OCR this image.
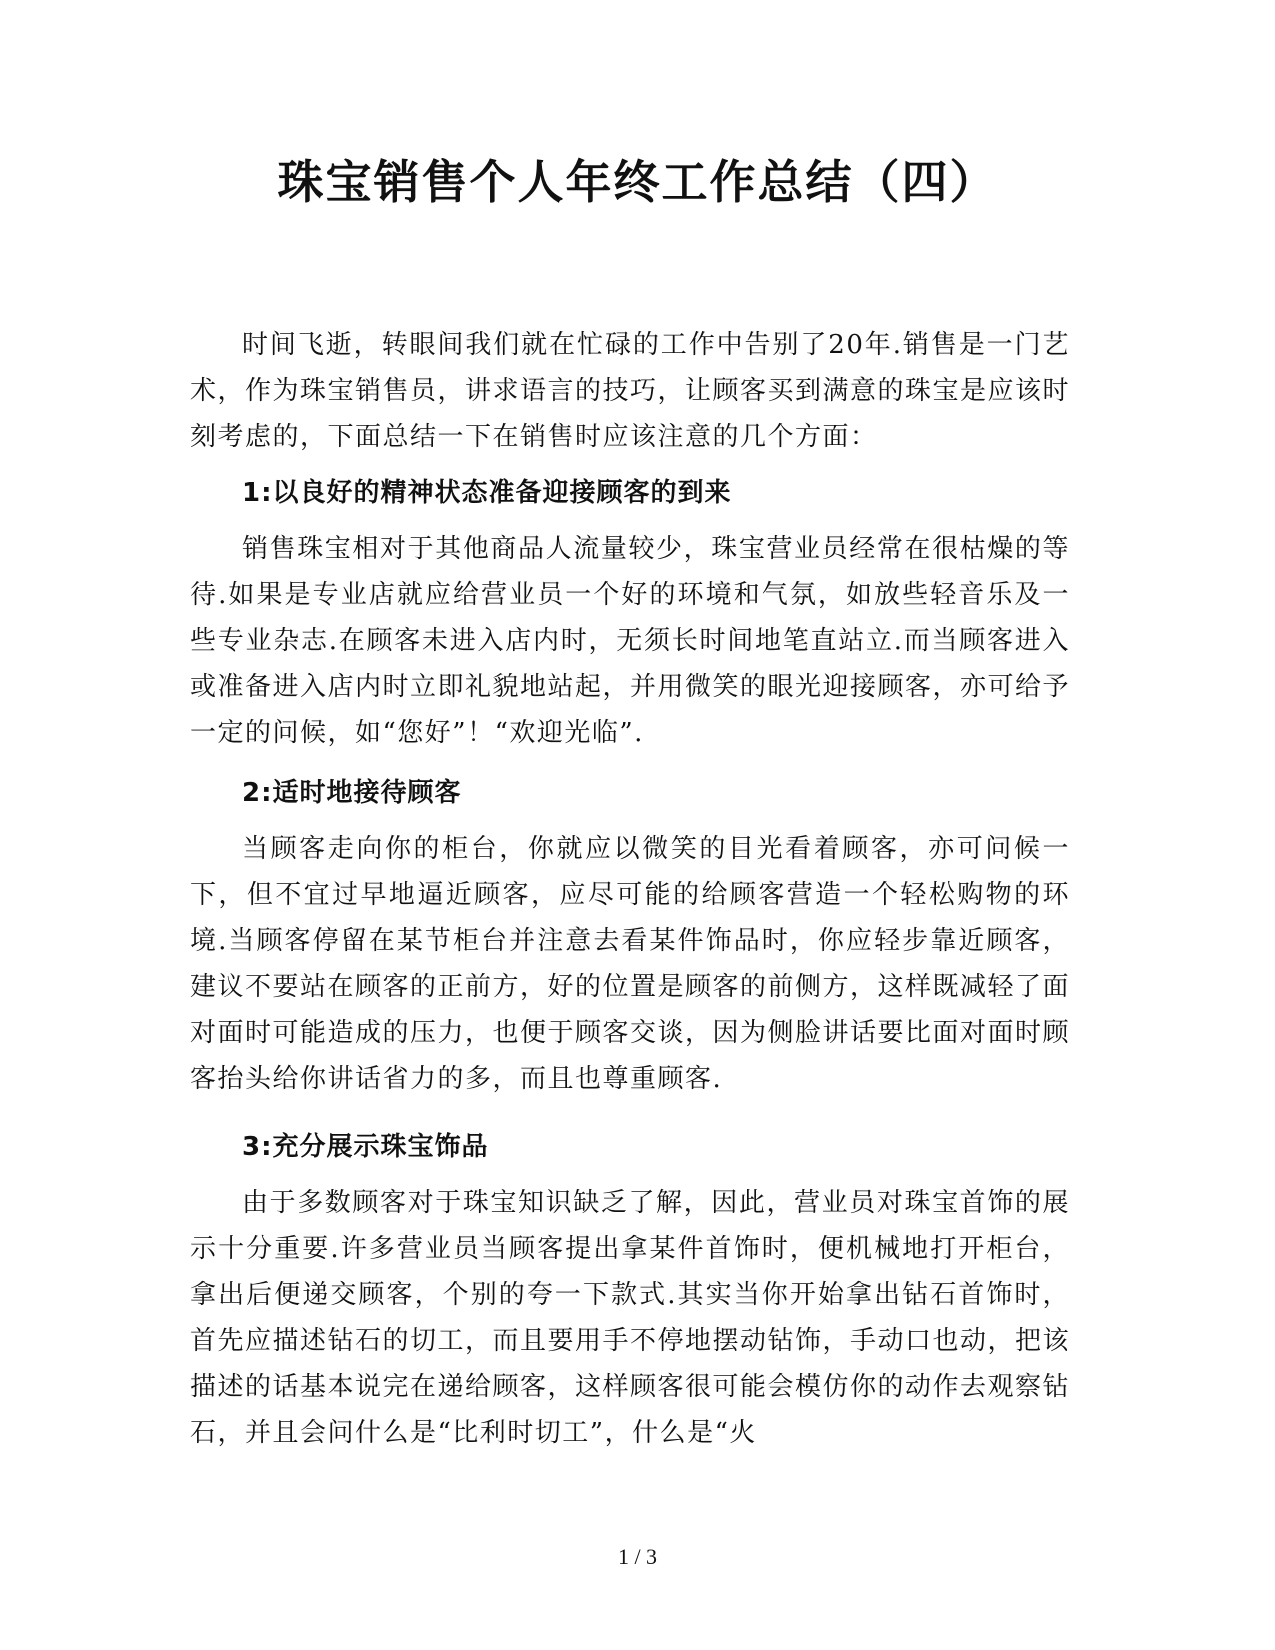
珠宝销售个人年终工作总结（四）

时间飞逝，转眼间我们就在忙碌的工作中告别了20年.销售是一门艺术，作为珠宝销售员，讲求语言的技巧，让顾客买到满意的珠宝是应该时刻考虑的，下面总结一下在销售时应该注意的几个方面：

1:以良好的精神状态准备迎接顾客的到来

销售珠宝相对于其他商品人流量较少，珠宝营业员经常在很枯燥的等待.如果是专业店就应给营业员一个好的环境和气氛，如放些轻音乐及一些专业杂志.在顾客未进入店内时，无须长时间地笔直站立.而当顾客进入或准备进入店内时立即礼貌地站起，并用微笑的眼光迎接顾客，亦可给予一定的问候，如“您好”！“欢迎光临”.

2:适时地接待顾客

当顾客走向你的柜台，你就应以微笑的目光看着顾客，亦可问候一下，但不宜过早地逼近顾客，应尽可能的给顾客营造一个轻松购物的环境.当顾客停留在某节柜台并注意去看某件饰品时，你应轻步靠近顾客，建议不要站在顾客的正前方，好的位置是顾客的前侧方，这样既减轻了面对面时可能造成的压力，也便于顾客交谈，因为侧脸讲话要比面对面时顾客抬头给你讲话省力的多，而且也尊重顾客.

3:充分展示珠宝饰品

由于多数顾客对于珠宝知识缺乏了解，因此，营业员对珠宝首饰的展示十分重要.许多营业员当顾客提出拿某件首饰时，便机械地打开柜台，拿出后便递交顾客，个别的夸一下款式.其实当你开始拿出钻石首饰时，首先应描述钻石的切工，而且要用手不停地摆动钻饰，手动口也动，把该描述的话基本说完在递给顾客，这样顾客很可能会模仿你的动作去观察钻石，并且会问什么是“比利时切工”，什么是“火

1 / 3
